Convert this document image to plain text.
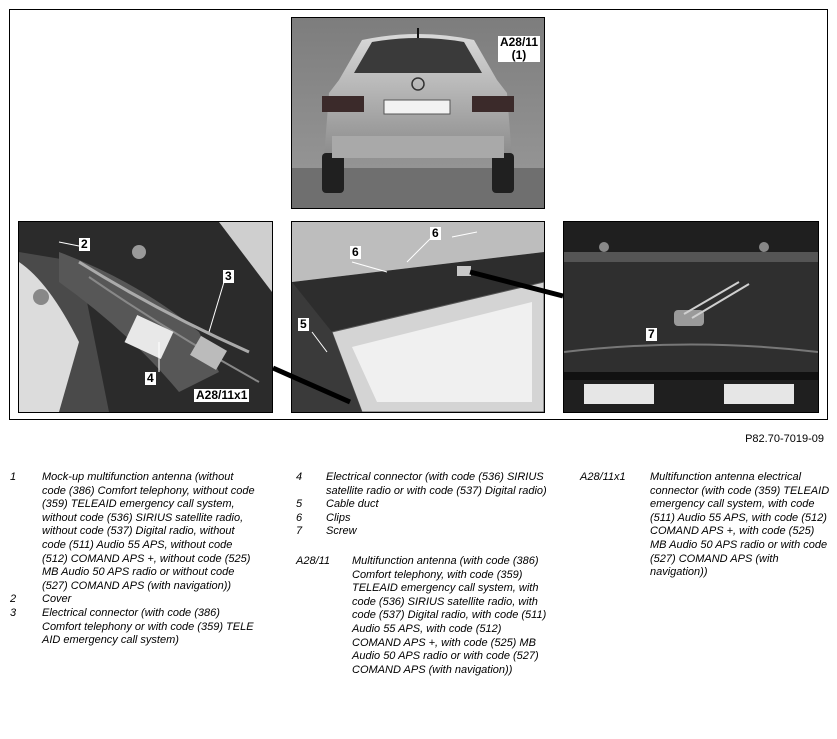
A28/11
(1)
2
3
4
A28/11x1
6
6
5
7
P82.70-7019-09
1	Mock-up multifunction antenna (without code (386) Comfort telephony, without code (359) TELEAID emergency call system, without code (536) SIRIUS satellite radio, without code (537) Digital radio, without code (511) Audio 55 APS, without code (512) COMAND APS +, without code (525) MB Audio 50 APS radio or without code (527) COMAND APS (with navigation))
2	Cover
3	Electrical connector (with code (386) Comfort telephony or with code (359) TELE AID emergency call system)
4	Electrical connector (with code (536) SIRIUS satellite radio or with code (537) Digital radio)
5	Cable duct
6	Clips
7	Screw
A28/11	Multifunction antenna (with code (386) Comfort telephony, with code (359) TELEAID emergency call system, with code (536) SIRIUS satellite radio, with code (537) Digital radio, with code (511) Audio 55 APS, with code (512) COMAND APS +, with code (525) MB Audio 50 APS radio or with code (527) COMAND APS (with navigation))
A28/11x1	Multifunction antenna electrical connector (with code (359) TELEAID emergency call system, with code (511) Audio 55 APS, with code (512) COMAND APS +, with code (525) MB Audio 50 APS radio or with code (527) COMAND APS (with navigation))
